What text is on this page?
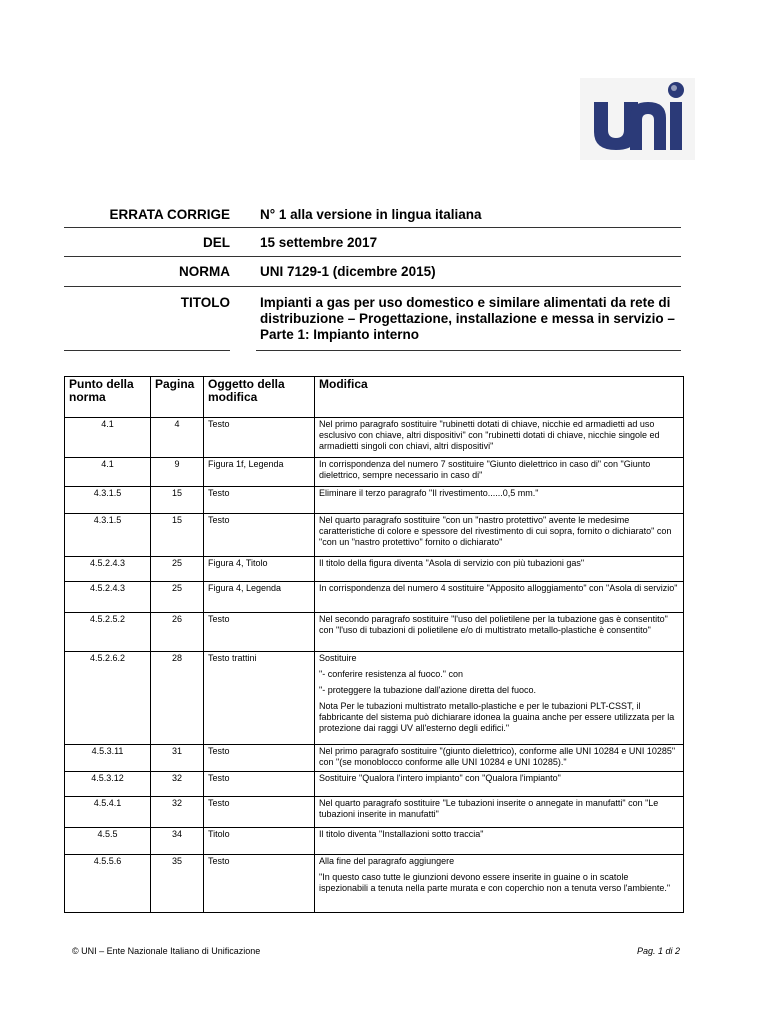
ERRATA CORRIGE	N° 1 alla versione in lingua italiana
DEL	15 settembre 2017
NORMA	UNI 7129-1 (dicembre 2015)
TITOLO Impianti a gas per uso domestico e similare alimentati da rete di distribuzione – Progettazione, installazione e messa in servizio – Parte 1: Impianto interno
Punto della norma	Pagina	Oggetto della modifica	Modifica
4.1	4	Testo	Nel primo paragrafo sostituire "rubinetti dotati di chiave, nicchie ed armadietti ad uso esclusivo con chiave, altri dispositivi" con "rubinetti dotati di chiave, nicchie singole ed armadietti singoli con chiavi, altri dispositivi"

4.1	9	Figura 1f, Legenda	In corrispondenza del numero 7 sostituire "Giunto dielettrico in caso di" con "Giunto dielettrico, sempre necessario in caso di"

4.3.1.5	15	Testo	Eliminare il terzo paragrafo "Il rivestimento......0,5 mm."

4.3.1.5	15	Testo	Nel quarto paragrafo sostituire "con un "nastro protettivo" avente le medesime caratteristiche di colore e spessore del rivestimento di cui sopra, fornito o dichiarato" con "con un "nastro protettivo" fornito o dichiarato"

4.5.2.4.3	25	Figura 4, Titolo	Il titolo della figura diventa "Asola di servizio con più tubazioni gas"

4.5.2.4.3	25	Figura 4, Legenda	In corrispondenza del numero 4 sostituire "Apposito alloggiamento" con "Asola di servizio"

4.5.2.5.2	26	Testo	Nel secondo paragrafo sostituire "l'uso del polietilene per la tubazione gas è consentito" con "l'uso di tubazioni di polietilene e/o di multistrato metallo-plastiche è consentito"

4.5.2.6.2	28	Testo trattini	Sostituire

"- conferire resistenza al fuoco." con

"- proteggere la tubazione dall'azione diretta del fuoco.

Nota Per le tubazioni multistrato metallo-plastiche e per le tubazioni PLT-CSST, il fabbricante del sistema può dichiarare idonea la guaina anche per essere utilizzata per la protezione dai raggi UV all'esterno degli edifici."

4.5.3.11	31	Testo	Nel primo paragrafo sostituire "(giunto dielettrico), conforme alle UNI 10284 e UNI 10285" con "(se monoblocco conforme alle UNI 10284 e UNI 10285)."

4.5.3.12	32	Testo	Sostituire "Qualora l'intero impianto" con "Qualora l'impianto"

4.5.4.1	32	Testo	Nel quarto paragrafo sostituire "Le tubazioni inserite o annegate in manufatti" con "Le tubazioni inserite in manufatti"

4.5.5	34	Titolo	Il titolo diventa "Installazioni sotto traccia"

4.5.5.6	35	Testo	Alla fine del paragrafo aggiungere

"In questo caso tutte le giunzioni devono essere inserite in guaine o in scatole ispezionabili a tenuta nella parte murata e con coperchio non a tenuta verso l'ambiente."

© UNI – Ente Nazionale Italiano di Unificazione	Pag. 1 di 2
